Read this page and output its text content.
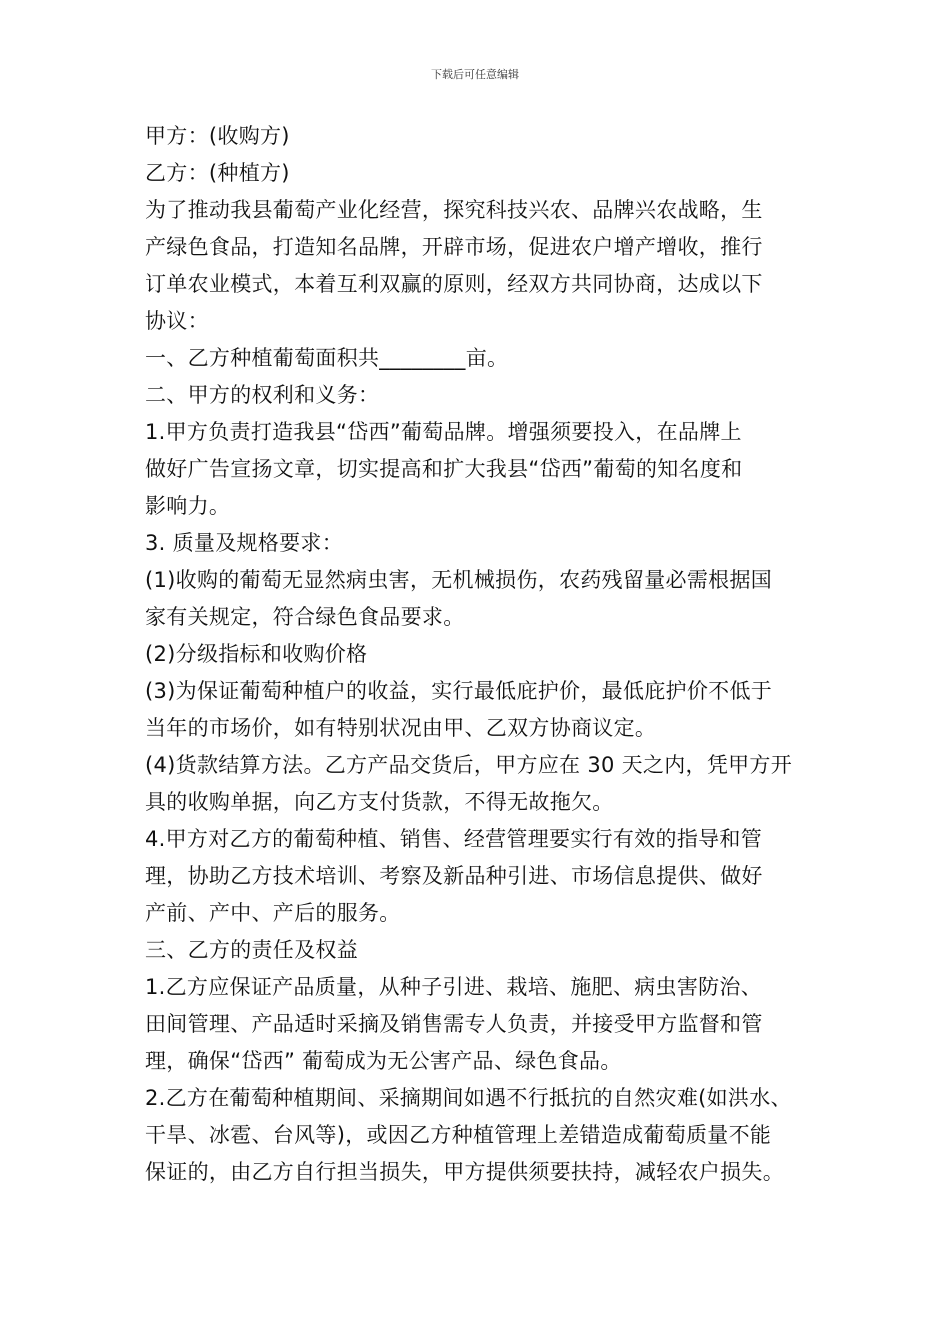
下载后可任意编辑

甲方：(收购方)

乙方：(种植方)

为了推动我县葡萄产业化经营，探究科技兴农、品牌兴农战略，生

产绿色食品，打造知名品牌，开辟市场，促进农户增产增收，推行

订单农业模式，本着互利双赢的原则，经双方共同协商，达成以下

协议：

一、乙方种植葡萄面积共________亩。

二、甲方的权利和义务：

1.甲方负责打造我县“岱西”葡萄品牌。增强须要投入，在品牌上

做好广告宣扬文章，切实提高和扩大我县“岱西”葡萄的知名度和

影响力。

3. 质量及规格要求：

(1)收购的葡萄无显然病虫害，无机械损伤，农药残留量必需根据国

家有关规定，符合绿色食品要求。

(2)分级指标和收购价格

(3)为保证葡萄种植户的收益，实行最低庇护价，最低庇护价不低于

当年的市场价，如有特别状况由甲、乙双方协商议定。

(4)货款结算方法。乙方产品交货后，甲方应在 30 天之内，凭甲方开

具的收购单据，向乙方支付货款，不得无故拖欠。

4.甲方对乙方的葡萄种植、销售、经营管理要实行有效的指导和管

理，协助乙方技术培训、考察及新品种引进、市场信息提供、做好

产前、产中、产后的服务。

三、乙方的责任及权益

1.乙方应保证产品质量，从种子引进、栽培、施肥、病虫害防治、

田间管理、产品适时采摘及销售需专人负责，并接受甲方监督和管

理，确保“岱西” 葡萄成为无公害产品、绿色食品。

2.乙方在葡萄种植期间、采摘期间如遇不行抵抗的自然灾难(如洪水、

干旱、冰雹、台风等)，或因乙方种植管理上差错造成葡萄质量不能

保证的，由乙方自行担当损失，甲方提供须要扶持，减轻农户损失。
